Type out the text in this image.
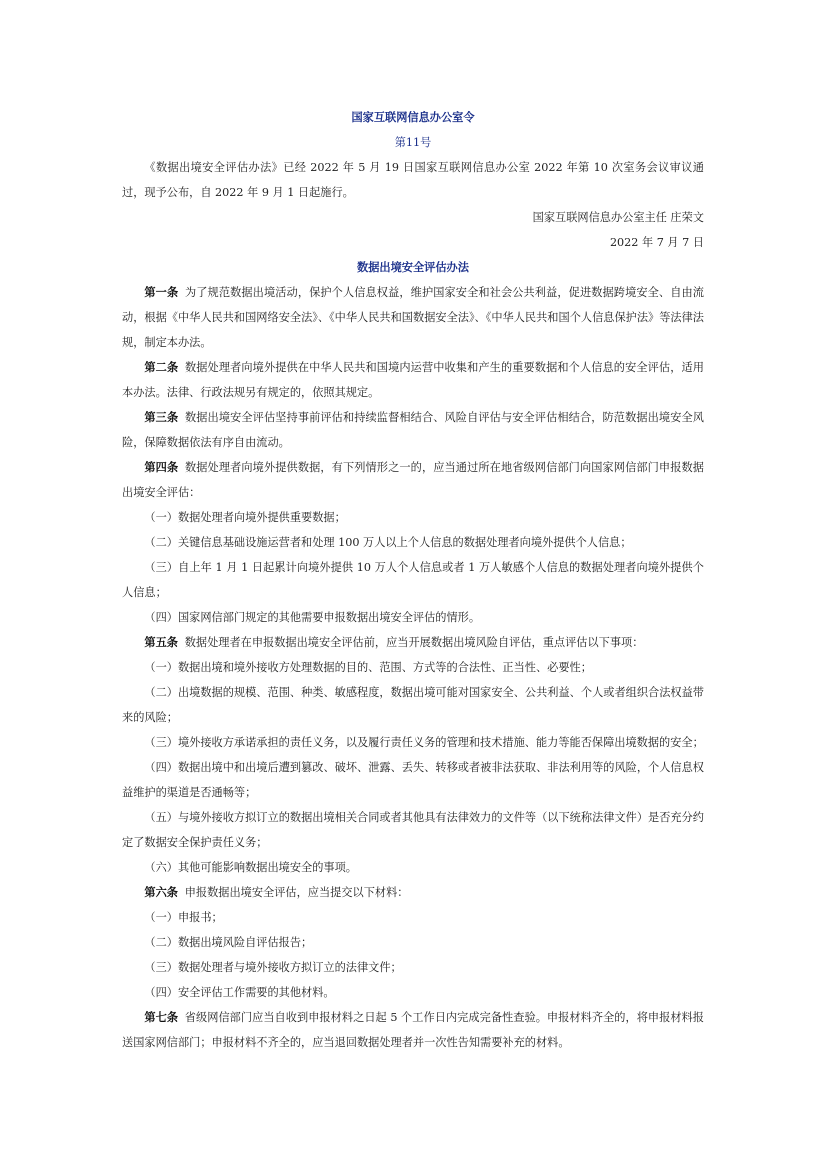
国家互联网信息办公室令

第11号

《数据出境安全评估办法》已经 2022 年 5 月 19 日国家互联网信息办公室 2022 年第 10 次室务会议审议通过，现予公布，自 2022 年 9 月 1 日起施行。

国家互联网信息办公室主任 庄荣文

2022 年 7 月 7 日

数据出境安全评估办法

第一条 为了规范数据出境活动，保护个人信息权益，维护国家安全和社会公共利益，促进数据跨境安全、自由流动，根据《中华人民共和国网络安全法》、《中华人民共和国数据安全法》、《中华人民共和国个人信息保护法》等法律法规，制定本办法。

第二条 数据处理者向境外提供在中华人民共和国境内运营中收集和产生的重要数据和个人信息的安全评估，适用本办法。法律、行政法规另有规定的，依照其规定。

第三条 数据出境安全评估坚持事前评估和持续监督相结合、风险自评估与安全评估相结合，防范数据出境安全风险，保障数据依法有序自由流动。

第四条 数据处理者向境外提供数据，有下列情形之一的，应当通过所在地省级网信部门向国家网信部门申报数据出境安全评估：

（一）数据处理者向境外提供重要数据；

（二）关键信息基础设施运营者和处理 100 万人以上个人信息的数据处理者向境外提供个人信息；

（三）自上年 1 月 1 日起累计向境外提供 10 万人个人信息或者 1 万人敏感个人信息的数据处理者向境外提供个人信息；

（四）国家网信部门规定的其他需要申报数据出境安全评估的情形。

第五条 数据处理者在申报数据出境安全评估前，应当开展数据出境风险自评估，重点评估以下事项：

（一）数据出境和境外接收方处理数据的目的、范围、方式等的合法性、正当性、必要性；

（二）出境数据的规模、范围、种类、敏感程度，数据出境可能对国家安全、公共利益、个人或者组织合法权益带来的风险；

（三）境外接收方承诺承担的责任义务，以及履行责任义务的管理和技术措施、能力等能否保障出境数据的安全；

（四）数据出境中和出境后遭到篡改、破坏、泄露、丢失、转移或者被非法获取、非法利用等的风险，个人信息权益维护的渠道是否通畅等；

（五）与境外接收方拟订立的数据出境相关合同或者其他具有法律效力的文件等（以下统称法律文件）是否充分约定了数据安全保护责任义务；

（六）其他可能影响数据出境安全的事项。

第六条 申报数据出境安全评估，应当提交以下材料：

（一）申报书；

（二）数据出境风险自评估报告；

（三）数据处理者与境外接收方拟订立的法律文件；

（四）安全评估工作需要的其他材料。

第七条 省级网信部门应当自收到申报材料之日起 5 个工作日内完成完备性查验。申报材料齐全的，将申报材料报送国家网信部门；申报材料不齐全的，应当退回数据处理者并一次性告知需要补充的材料。
